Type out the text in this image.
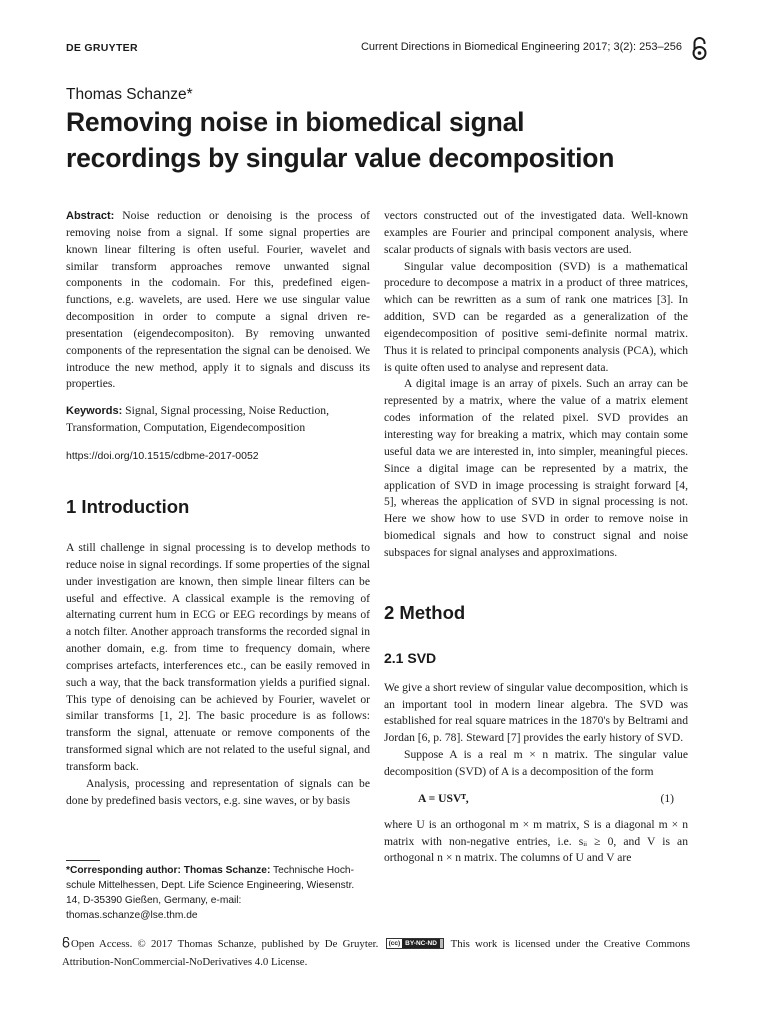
DE GRUYTER	Current Directions in Biomedical Engineering 2017; 3(2): 253–256
Thomas Schanze*
Removing noise in biomedical signal
recordings by singular value decomposition

Abstract: Noise reduction or denoising is the process of removing noise from a signal. If some signal properties are known linear filtering is often useful. Fourier, wavelet and similar transform approaches remove unwanted signal components in the codomain. For this, predefined eigen-functions, e.g. wavelets, are used. Here we use singular value decomposition in order to compute a signal driven re-presentation (eigendecompositon). By removing unwanted components of the representation the signal can be denoised. We introduce the new method, apply it to signals and discuss its properties.

Keywords: Signal, Signal processing, Noise Reduction, Transformation, Computation, Eigendecomposition

https://doi.org/10.1515/cdbme-2017-0052
1 Introduction

A still challenge in signal processing is to develop methods to reduce noise in signal recordings. If some properties of the signal under investigation are known, then simple linear filters can be useful and effective. A classical example is the removing of alternating current hum in ECG or EEG recordings by means of a notch filter. Another approach transforms the recorded signal in another domain, e.g. from time to frequency domain, where comprises artefacts, interferences etc., can be easily removed in such a way, that the back transformation yields a purified signal. This type of denoising can be achieved by Fourier, wavelet or similar transforms [1, 2]. The basic procedure is as follows: transform the signal, attenuate or remove components of the transformed signal which are not related to the useful signal, and transform back.

Analysis, processing and representation of signals can be done by predefined basis vectors, e.g. sine waves, or by basis

*Corresponding author: Thomas Schanze: Technische Hoch-schule Mittelhessen, Dept. Life Science Engineering, Wiesenstr. 14, D-35390 Gießen, Germany, e-mail: thomas.schanze@lse.thm.de

vectors constructed out of the investigated data. Well-known examples are Fourier and principal component analysis, where scalar products of signals with basis vectors are used.

Singular value decomposition (SVD) is a mathematical procedure to decompose a matrix in a product of three matrices, which can be rewritten as a sum of rank one matrices [3]. In addition, SVD can be regarded as a generalization of the eigendecomposition of positive semi-definite normal matrix. Thus it is related to principal components analysis (PCA), which is quite often used to analyse and represent data.

A digital image is an array of pixels. Such an array can be represented by a matrix, where the value of a matrix element codes information of the related pixel. SVD provides an interesting way for breaking a matrix, which may contain some useful data we are interested in, into simpler, meaningful pieces. Since a digital image can be represented by a matrix, the application of SVD in image processing is straight forward [4, 5], whereas the application of SVD in signal processing is not. Here we show how to use SVD in order to remove noise in biomedical signals and how to construct signal and noise subspaces for signal analyses and approximations.

2 Method
2.1 SVD

We give a short review of singular value decomposition, which is an important tool in modern linear algebra. The SVD was established for real square matrices in the 1870's by Beltrami and Jordan [6, p. 78]. Steward [7] provides the early history of SVD.

Suppose A is a real m × n matrix. The singular value decomposition (SVD) of A is a decomposition of the form

A = USVᵀ,	(1)

where U is an orthogonal m × m matrix, S is a diagonal m × n matrix with non-negative entries, i.e. sᵢᵢ ≥ 0, and V is an orthogonal n × n matrix. The columns of U and V are

Open Access. © 2017 Thomas Schanze, published by De Gruyter. (cc) BY-NC-ND This work is licensed under the Creative Commons Attribution-NonCommercial-NoDerivatives 4.0 License.
